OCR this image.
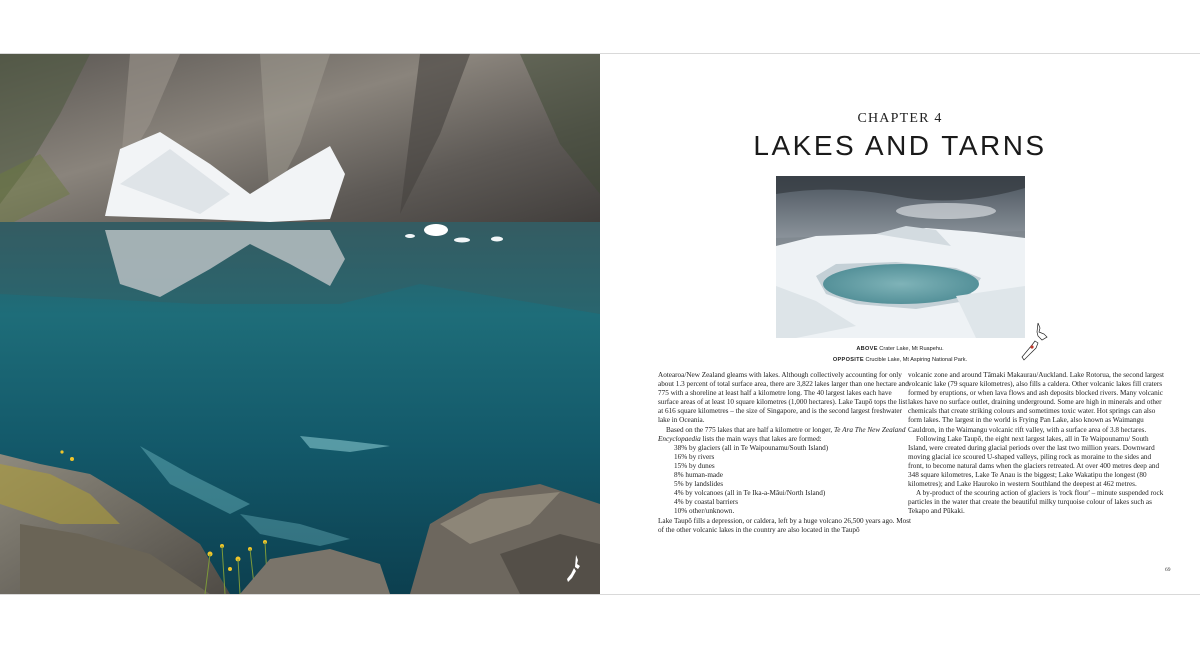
CHAPTER 4
LAKES AND TARNS
ABOVE Crater Lake, Mt Ruapehu.
OPPOSITE Crucible Lake, Mt Aspiring National Park.

Aotearoa/New Zealand gleams with lakes. Although collectively accounting for only about 1.3 percent of total surface area, there are 3,822 lakes larger than one hectare and 775 with a shoreline at least half a kilometre long. The 40 largest lakes each have surface areas of at least 10 square kilometres (1,000 hectares). Lake Taupō tops the list at 616 square kilometres – the size of Singapore, and is the second largest freshwater lake in Oceania.

Based on the 775 lakes that are half a kilometre or longer, Te Ara The New Zealand Encyclopaedia lists the main ways that lakes are formed:

38% by glaciers (all in Te Waipounamu/South Island)

16% by rivers

15% by dunes

8% human-made

5% by landslides

4% by volcanoes (all in Te Ika-a-Māui/North Island)

4% by coastal barriers

10% other/unknown.

Lake Taupō fills a depression, or caldera, left by a huge volcano 26,500 years ago. Most of the other volcanic lakes in the country are also located in the Taupō

volcanic zone and around Tāmaki Makaurau/Auckland. Lake Rotorua, the second largest volcanic lake (79 square kilometres), also fills a caldera. Other volcanic lakes fill craters formed by eruptions, or when lava flows and ash deposits blocked rivers. Many volcanic lakes have no surface outlet, draining underground. Some are high in minerals and other chemicals that create striking colours and sometimes toxic water. Hot springs can also form lakes. The largest in the world is Frying Pan Lake, also known as Waimangu Cauldron, in the Waimangu volcanic rift valley, with a surface area of 3.8 hectares.

Following Lake Taupō, the eight next largest lakes, all in Te Waipounamu/ South Island, were created during glacial periods over the last two million years. Downward moving glacial ice scoured U-shaped valleys, piling rock as moraine to the sides and front, to become natural dams when the glaciers retreated. At over 400 metres deep and 348 square kilometres, Lake Te Anau is the biggest; Lake Wakatipu the longest (80 kilometres); and Lake Hauroko in western Southland the deepest at 462 metres.

A by-product of the scouring action of glaciers is 'rock flour' – minute suspended rock particles in the water that create the beautiful milky turquoise colour of lakes such as Tekapo and Pūkaki.

69
